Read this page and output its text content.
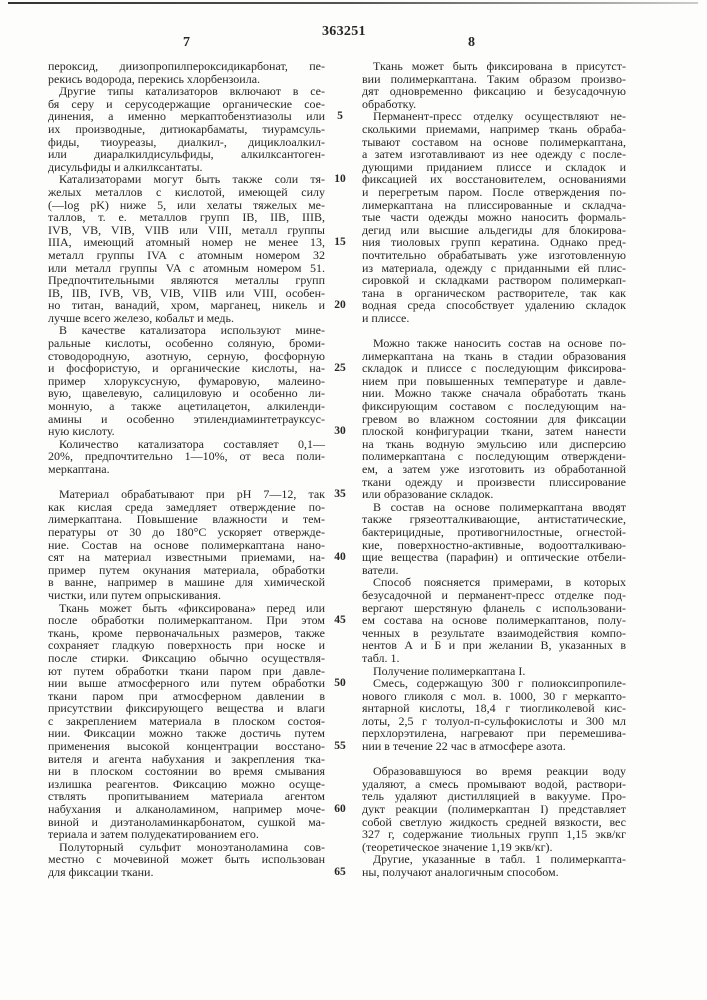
363251
7	8
пероксид, диизопропилпероксидикарбонат, пе-
рекись водорода, перекись хлорбензоила.
Другие типы катализаторов включают в се-
бя серу и серусодержащие органические сое-
динения, а именно меркаптобензтиазолы или
их производные, дитиокарбаматы, тиурамсуль-
фиды, тиоуреазы, диалкил-, дициклоалкил-
или диаралкилдисульфиды, алкилксантоген-
дисульфиды и алкилксантаты.
Катализаторами могут быть также соли тя-
желых металлов с кислотой, имеющей силу
(—log pK) ниже 5, или хелаты тяжелых ме-
таллов, т. е. металлов групп IB, IIB, IIIB,
IVB, VB, VIB, VIIB или VIII, металл группы
IIIA, имеющий атомный номер не менее 13,
металл группы IVA с атомным номером 32
или металл группы VA с атомным номером 51.
Предпочтительными являются металлы групп
IB, IIB, IVB, VB, VIB, VIIB или VIII, особен-
но титан, ванадий, хром, марганец, никель и
лучше всего железо, кобальт и медь.
В качестве катализатора используют мине-
ральные кислоты, особенно соляную, броми-
стоводородную, азотную, серную, фосфорную
и фосфористую, и органические кислоты, на-
пример хлоруксусную, фумаровую, малеино-
вую, щавелевую, салициловую и особенно ли-
монную, а также ацетилацетон, алкиленди-
амины и особенно этилендиаминтетрауксус-
ную кислоту.
Количество катализатора составляет 0,1—
20%, предпочтительно 1—10%, от веса поли-
меркаптана.
Материал обрабатывают при рН 7—12, так
как кислая среда замедляет отверждение по-
лимеркаптана. Повышение влажности и тем-
пературы от 30 до 180°С ускоряет отвержде-
ние. Состав на основе полимеркаптана нано-
сят на материал известными приемами, на-
пример путем окунания материала, обработки
в ванне, например в машине для химической
чистки, или путем опрыскивания.
Ткань может быть «фиксирована» перед или
после обработки полимеркаптаном. При этом
ткань, кроме первоначальных размеров, также
сохраняет гладкую поверхность при носке и
после стирки. Фиксацию обычно осуществля-
ют путем обработки ткани паром при давле-
нии выше атмосферного или путем обработки
ткани паром при атмосферном давлении в
присутствии фиксирующего вещества и влаги
с закреплением материала в плоском состоя-
нии. Фиксации можно также достичь путем
применения высокой концентрации восстано-
вителя и агента набухания и закрепления тка-
ни в плоском состоянии во время смывания
излишка реагентов. Фиксацию можно осуще-
ствлять пропитыванием материала агентом
набухания и алканоламином, например моче-
виной и диэтаноламинкарбонатом, сушкой ма-
териала и затем полудекатированием его.
Полуторный сульфит моноэтаноламина сов-
местно с мочевиной может быть использован
для фиксации ткани.
5
10
15
20
25
30
35
40
45
50
55
60
65
Ткань может быть фиксирована в присутст-
вии полимеркаптана. Таким образом произво-
дят одновременно фиксацию и безусадочную
обработку.
Перманент-пресс отделку осуществляют не-
сколькими приемами, например ткань обраба-
тывают составом на основе полимеркаптана,
а затем изготавливают из нее одежду с после-
дующими приданием плиссе и складок и
фиксацией их восстановителем, основаниями
и перегретым паром. После отверждения по-
лимеркаптана на плиссированные и складча-
тые части одежды можно наносить формаль-
дегид или высшие альдегиды для блокирова-
ния тиоловых групп кератина. Однако пред-
почтительно обрабатывать уже изготовленную
из материала, одежду с приданными ей плис-
сировкой и складками раствором полимеркап-
тана в органическом растворителе, так как
водная среда способствует удалению складок
и плиссе.
Можно также наносить состав на основе по-
лимеркаптана на ткань в стадии образования
складок и плиссе с последующим фиксирова-
нием при повышенных температуре и давле-
нии. Можно также сначала обработать ткань
фиксирующим составом с последующим на-
гревом во влажном состоянии для фиксации
плоской конфигурации ткани, затем нанести
на ткань водную эмульсию или дисперсию
полимеркаптана с последующим отверждени-
ем, а затем уже изготовить из обработанной
ткани одежду и произвести плиссирование
или образование складок.
В состав на основе полимеркаптана вводят
также грязеотталкивающие, антистатические,
бактерицидные, противогнилостные, огнестой-
кие, поверхностно-активные, водоотталкиваю-
щие вещества (парафин) и оптические отбели-
ватели.
Способ поясняется примерами, в которых
безусадочной и перманент-пресс отделке под-
вергают шерстяную фланель с использовани-
ем состава на основе полимеркаптанов, полу-
ченных в результате взаимодействия компо-
нентов А и Б и при желании В, указанных в
табл. 1.
Получение полимеркаптана I.
Смесь, содержащую 300 г полиоксипропиле-
нового гликоля с мол. в. 1000, 30 г меркапто-
янтарной кислоты, 18,4 г тиогликолевой кис-
лоты, 2,5 г толуол-п-сульфокислоты и 300 мл
перхлорэтилена, нагревают при перемешива-
нии в течение 22 час в атмосфере азота.
Образовавшуюся во время реакции воду
удаляют, а смесь промывают водой, раствори-
тель удаляют дистилляцией в вакууме. Про-
дукт реакции (полимеркаптан I) представляет
собой светлую жидкость средней вязкости, вес
327 г, содержание тиольных групп 1,15 экв/кг
(теоретическое значение 1,19 экв/кг).
Другие, указанные в табл. 1 полимеркапта-
ны, получают аналогичным способом.
